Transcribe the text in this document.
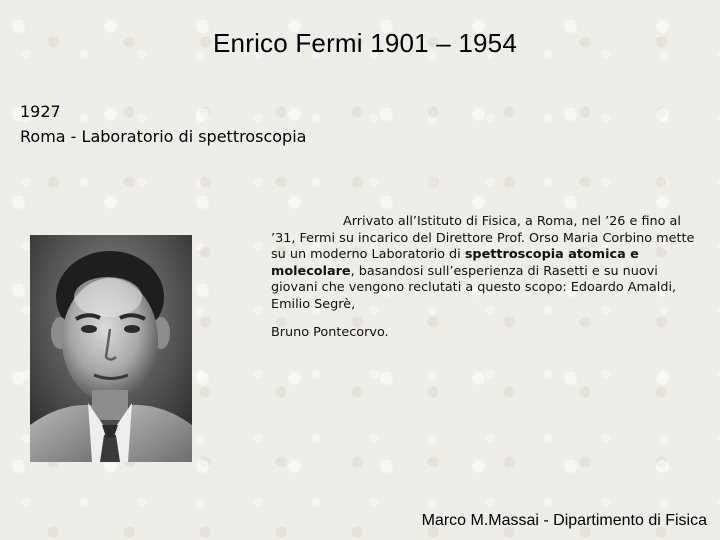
Enrico Fermi 1901 – 1954
1927
Roma - Laboratorio di spettroscopia

Arrivato all’Istituto di Fisica, a Roma, nel ’26 e fino al ’31, Fermi su incarico del Direttore Prof. Orso Maria Corbino mette su un moderno Laboratorio di spettroscopia atomica e molecolare, basandosi sull’esperienza di Rasetti e su nuovi giovani che vengono reclutati a questo scopo: Edoardo Amaldi, Emilio Segrè,

Bruno Pontecorvo.

Marco M.Massai - Dipartimento di Fisica
